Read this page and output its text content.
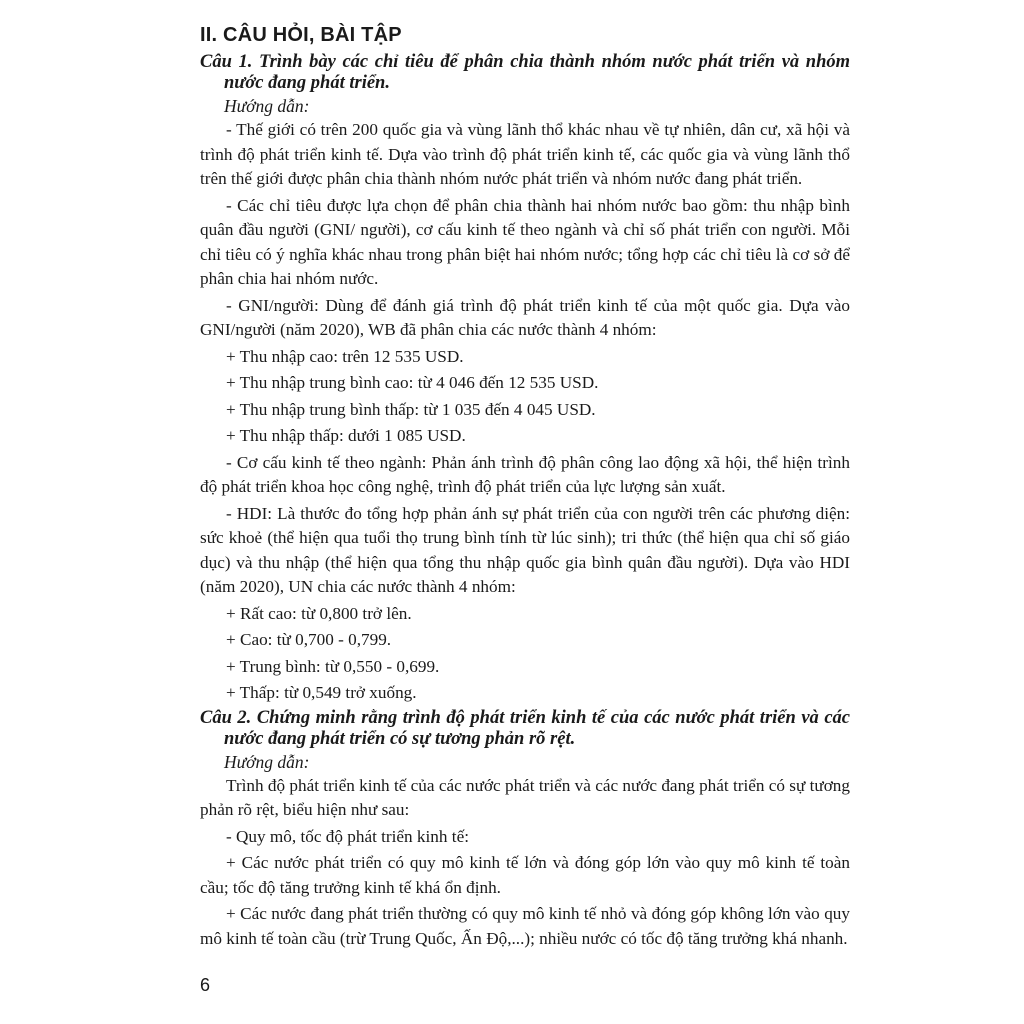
II. CÂU HỎI, BÀI TẬP

Câu 1. Trình bày các chỉ tiêu để phân chia thành nhóm nước phát triển và nhóm nước đang phát triển.

Hướng dẫn:

- Thế giới có trên 200 quốc gia và vùng lãnh thổ khác nhau về tự nhiên, dân cư, xã hội và trình độ phát triển kinh tế. Dựa vào trình độ phát triển kinh tế, các quốc gia và vùng lãnh thổ trên thế giới được phân chia thành nhóm nước phát triển và nhóm nước đang phát triển.

- Các chỉ tiêu được lựa chọn để phân chia thành hai nhóm nước bao gồm: thu nhập bình quân đầu người (GNI/ người), cơ cấu kinh tế theo ngành và chỉ số phát triển con người. Mỗi chỉ tiêu có ý nghĩa khác nhau trong phân biệt hai nhóm nước; tổng hợp các chỉ tiêu là cơ sở để phân chia hai nhóm nước.

- GNI/người: Dùng để đánh giá trình độ phát triển kinh tế của một quốc gia. Dựa vào GNI/người (năm 2020), WB đã phân chia các nước thành 4 nhóm:

+ Thu nhập cao: trên 12 535 USD.

+ Thu nhập trung bình cao: từ 4 046 đến 12 535 USD.

+ Thu nhập trung bình thấp: từ 1 035 đến 4 045 USD.

+ Thu nhập thấp: dưới 1 085 USD.

- Cơ cấu kinh tế theo ngành: Phản ánh trình độ phân công lao động xã hội, thể hiện trình độ phát triển khoa học công nghệ, trình độ phát triển của lực lượng sản xuất.

- HDI: Là thước đo tổng hợp phản ánh sự phát triển của con người trên các phương diện: sức khoẻ (thể hiện qua tuổi thọ trung bình tính từ lúc sinh); tri thức (thể hiện qua chỉ số giáo dục) và thu nhập (thể hiện qua tổng thu nhập quốc gia bình quân đầu người). Dựa vào HDI (năm 2020), UN chia các nước thành 4 nhóm:

+ Rất cao: từ 0,800 trở lên.

+ Cao: từ 0,700 - 0,799.

+ Trung bình: từ 0,550 - 0,699.

+ Thấp: từ 0,549 trở xuống.

Câu 2. Chứng minh rằng trình độ phát triển kinh tế của các nước phát triển và các nước đang phát triển có sự tương phản rõ rệt.

Hướng dẫn:

Trình độ phát triển kinh tế của các nước phát triển và các nước đang phát triển có sự tương phản rõ rệt, biểu hiện như sau:

- Quy mô, tốc độ phát triển kinh tế:

+ Các nước phát triển có quy mô kinh tế lớn và đóng góp lớn vào quy mô kinh tế toàn cầu; tốc độ tăng trưởng kinh tế khá ổn định.

+ Các nước đang phát triển thường có quy mô kinh tế nhỏ và đóng góp không lớn vào quy mô kinh tế toàn cầu (trừ Trung Quốc, Ấn Độ,...); nhiều nước có tốc độ tăng trưởng khá nhanh.

6
